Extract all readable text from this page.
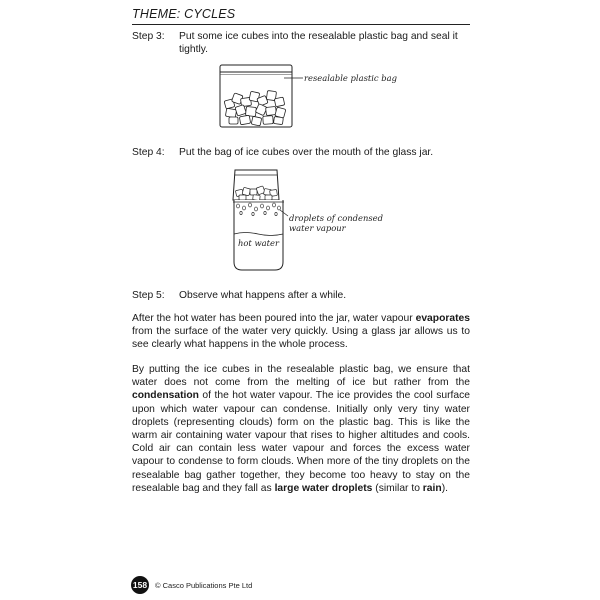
THEME: CYCLES
Step 3: Put some ice cubes into the resealable plastic bag and seal it tightly.
resealable plastic bag
Step 4: Put the bag of ice cubes over the mouth of the glass jar.
hot water
droplets of condensed
water vapour
Step 5: Observe what happens after a while.
After the hot water has been poured into the jar, water vapour evaporates from the surface of the water very quickly. Using a glass jar allows us to see clearly what happens in the whole process.
By putting the ice cubes in the resealable plastic bag, we ensure that water does not come from the melting of ice but rather from the condensation of the hot water vapour. The ice provides the cool surface upon which water vapour can condense. Initially only very tiny water droplets (representing clouds) form on the plastic bag. This is like the warm air containing water vapour that rises to higher altitudes and cools. Cold air can contain less water vapour and forces the excess water vapour to condense to form clouds. When more of the tiny droplets on the resealable bag gather together, they become too heavy to stay on the resealable bag and they fall as large water droplets (similar to rain).
158 © Casco Publications Pte Ltd
